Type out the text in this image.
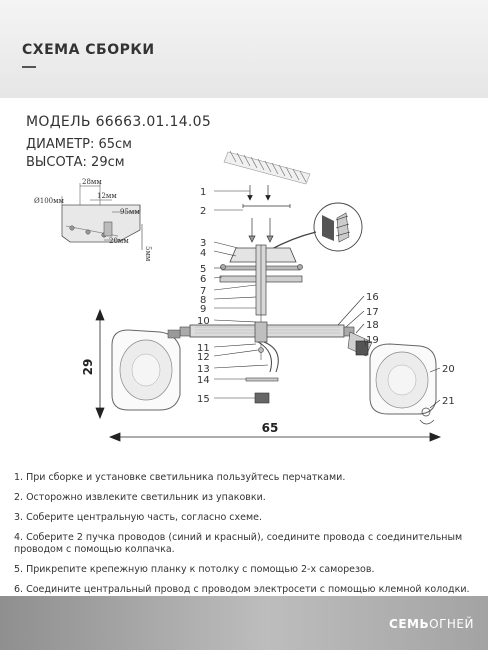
СХЕМА СБОРКИ
МОДЕЛЬ 66663.01.14.05
ДИАМЕТР: 65см
ВЫСОТА: 29см
28мм
12мм
Ø100мм
95мм
20мм
5мм
1
2
3
4
5
6
7
8
9
10
11
12
13
14
15
16
17
18
19
20
21
29
65
1. При сборке и установке светильника пользуйтесь перчатками.
2. Осторожно извлеките светильник из упаковки.
3. Соберите центральную часть, согласно схеме.
4. Соберите 2 пучка проводов (синий и красный), соедините провода с соединительным проводом с помощью колпачка.
5. Прикрепите крепежную планку к потолку с помощью 2-х саморезов.
6. Соедините центральный провод с проводом электросети с помощью клемной колодки.
СЕМЬОГНЕЙ
